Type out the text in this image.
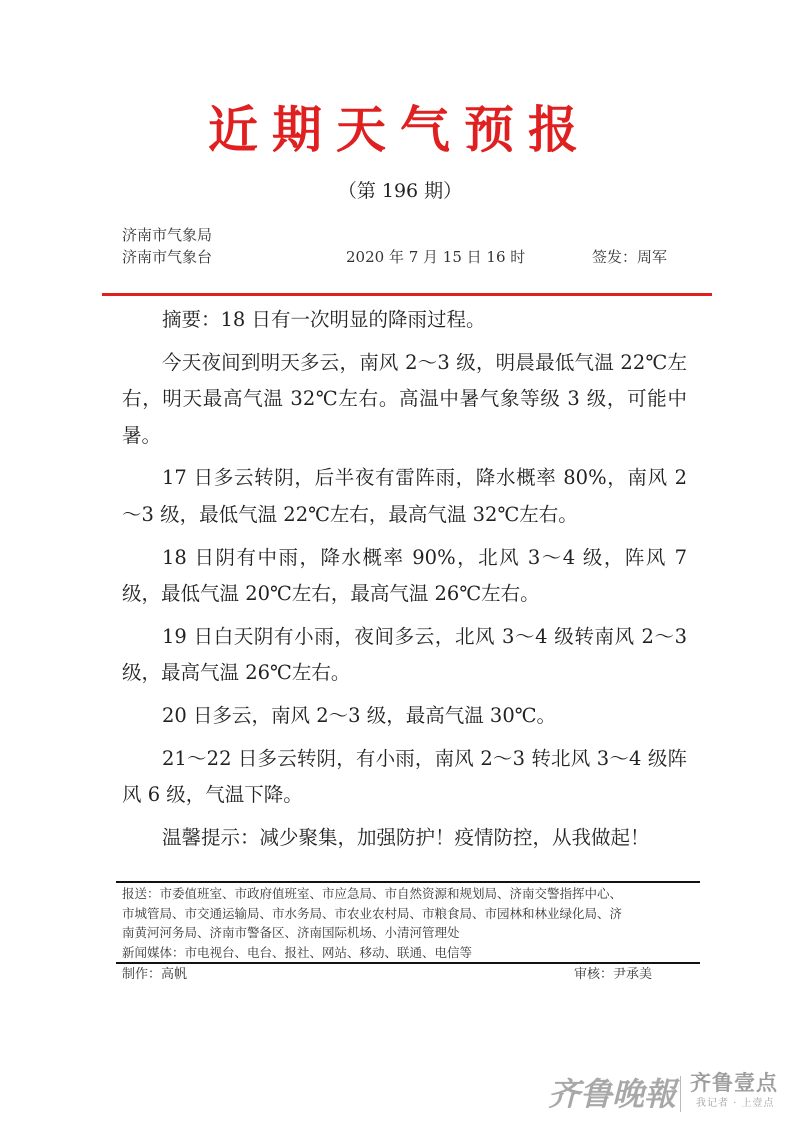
近期天气预报
（第 196 期）
济南市气象局
济南市气象台	2020 年 7 月 15 日 16 时	签发：周军

摘要：18 日有一次明显的降雨过程。

今天夜间到明天多云，南风 2～3 级，明晨最低气温 22℃左右，明天最高气温 32℃左右。高温中暑气象等级 3 级，可能中暑。

17 日多云转阴，后半夜有雷阵雨，降水概率 80%，南风 2～3 级，最低气温 22℃左右，最高气温 32℃左右。

18 日阴有中雨，降水概率 90%，北风 3～4 级，阵风 7 级，最低气温 20℃左右，最高气温 26℃左右。

19 日白天阴有小雨，夜间多云，北风 3～4 级转南风 2～3 级，最高气温 26℃左右。

20 日多云，南风 2～3 级，最高气温 30℃。

21～22 日多云转阴，有小雨，南风 2～3 转北风 3～4 级阵风 6 级，气温下降。

温馨提示：减少聚集，加强防护！疫情防控，从我做起！

报送：市委值班室、市政府值班室、市应急局、市自然资源和规划局、济南交警指挥中心、
市城管局、市交通运输局、市水务局、市农业农村局、市粮食局、市园林和林业绿化局、济
南黄河河务局、济南市警备区、济南国际机场、小清河管理处
新闻媒体：市电视台、电台、报社、网站、移动、联通、电信等
制作：高帆	审核：尹承美
齐鲁晚報 齐鲁壹点
我记者 · 上壹点
